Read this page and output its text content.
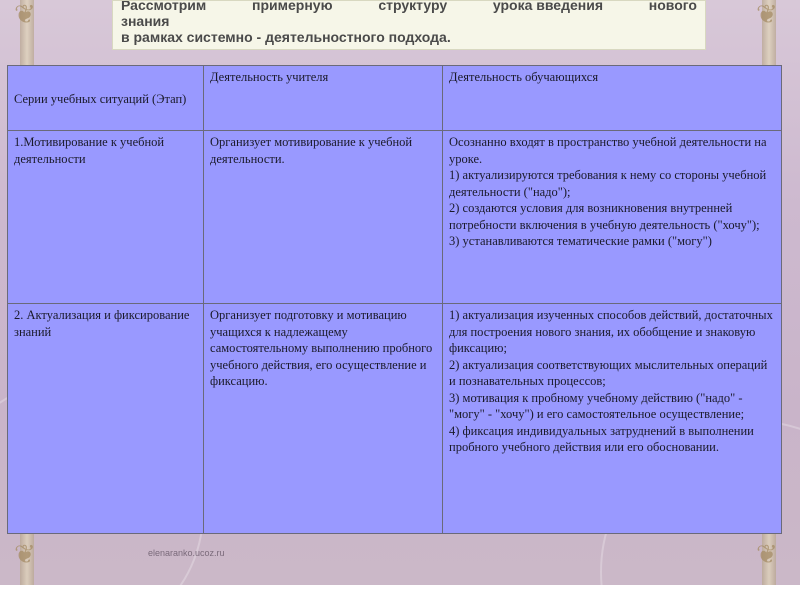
❦	❦
❦	❦
Рассмотрим	примерную	структуру	урока введения	нового
знания
в рамках системно - деятельностного подхода.
Серии учебных ситуаций (Этап)	Деятельность учителя	Деятельность обучающихся
1.Мотивирование к учебной деятельности	Организует мотивирование к учебной деятельности.	Осознанно входят в пространство учебной деятельности на уроке.
1) актуализируются требования к нему со стороны учебной деятельности ("надо");
2) создаются условия для возникновения внутренней потребности включения в учебную деятельность ("хочу");
3) устанавливаются тематические рамки ("могу")

2. Актуализация и фиксирование знаний	Организует подготовку и мотивацию учащихся к надлежащему самостоятельному выполнению пробного учебного действия, его осуществление и фиксацию.	1) актуализация изученных способов действий, достаточных для построения нового знания, их обобщение и знаковую фиксацию;
2) актуализация соответствующих мыслительных операций и познавательных процессов;
3) мотивация к пробному учебному действию ("надо" - "могу" - "хочу") и его самостоятельное осуществление;
4) фиксация индивидуальных затруднений в выполнении пробного учебного действия или его обосновании.
elenaranko.ucoz.ru
